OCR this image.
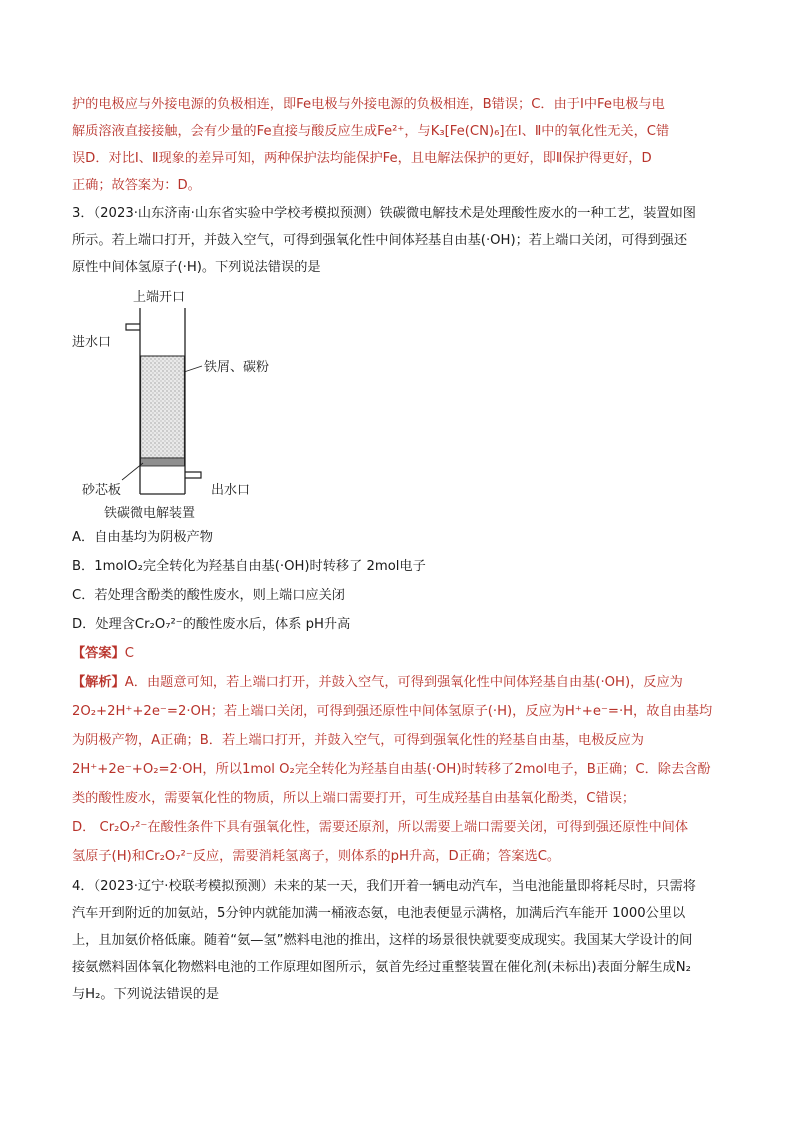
护的电极应与外接电源的负极相连，即Fe电极与外接电源的负极相连，B错误；C．由于Ⅰ中Fe电极与电
解质溶液直接接触，会有少量的Fe直接与酸反应生成Fe²⁺，与K₃[Fe(CN)₆]在Ⅰ、Ⅱ中的氧化性无关，C错
误D．对比Ⅰ、Ⅱ现象的差异可知，两种保护法均能保护Fe，且电解法保护的更好，即Ⅱ保护得更好，D
正确；故答案为：D。
3．（2023·山东济南·山东省实验中学校考模拟预测）铁碳微电解技术是处理酸性废水的一种工艺，装置如图
所示。若上端口打开，并鼓入空气，可得到强氧化性中间体羟基自由基(·OH)；若上端口关闭，可得到强还
原性中间体氢原子(·H)。下列说法错误的是
上端开口
进水口
铁屑、碳粉
砂芯板	出水口
铁碳微电解装置
A．自由基均为阴极产物
B．1molO₂完全转化为羟基自由基(·OH)时转移了 2mol电子
C．若处理含酚类的酸性废水，则上端口应关闭
D．处理含Cr₂O₇²⁻的酸性废水后，体系 pH升高
【答案】C
【解析】A．由题意可知，若上端口打开，并鼓入空气，可得到强氧化性中间体羟基自由基(·OH)，反应为
2O₂+2H⁺+2e⁻=2·OH；若上端口关闭，可得到强还原性中间体氢原子(·H)，反应为H⁺+e⁻=·H，故自由基均
为阴极产物，A正确；B．若上端口打开，并鼓入空气，可得到强氧化性的羟基自由基，电极反应为
2H⁺+2e⁻+O₂=2·OH，所以1mol O₂完全转化为羟基自由基(·OH)时转移了2mol电子，B正确；C．除去含酚
类的酸性废水，需要氧化性的物质，所以上端口需要打开，可生成羟基自由基氧化酚类，C错误；
D． Cr₂O₇²⁻在酸性条件下具有强氧化性，需要还原剂，所以需要上端口需要关闭，可得到强还原性中间体
氢原子(H)和Cr₂O₇²⁻反应，需要消耗氢离子，则体系的pH升高，D正确；答案选C。
4．（2023·辽宁·校联考模拟预测）未来的某一天，我们开着一辆电动汽车，当电池能量即将耗尽时，只需将
汽车开到附近的加氨站，5分钟内就能加满一桶液态氨，电池表便显示满格，加满后汽车能开 1000公里以
上，且加氨价格低廉。随着“氨—氢”燃料电池的推出，这样的场景很快就要变成现实。我国某大学设计的间
接氨燃料固体氧化物燃料电池的工作原理如图所示，氨首先经过重整装置在催化剂(未标出)表面分解生成N₂
与H₂。下列说法错误的是
